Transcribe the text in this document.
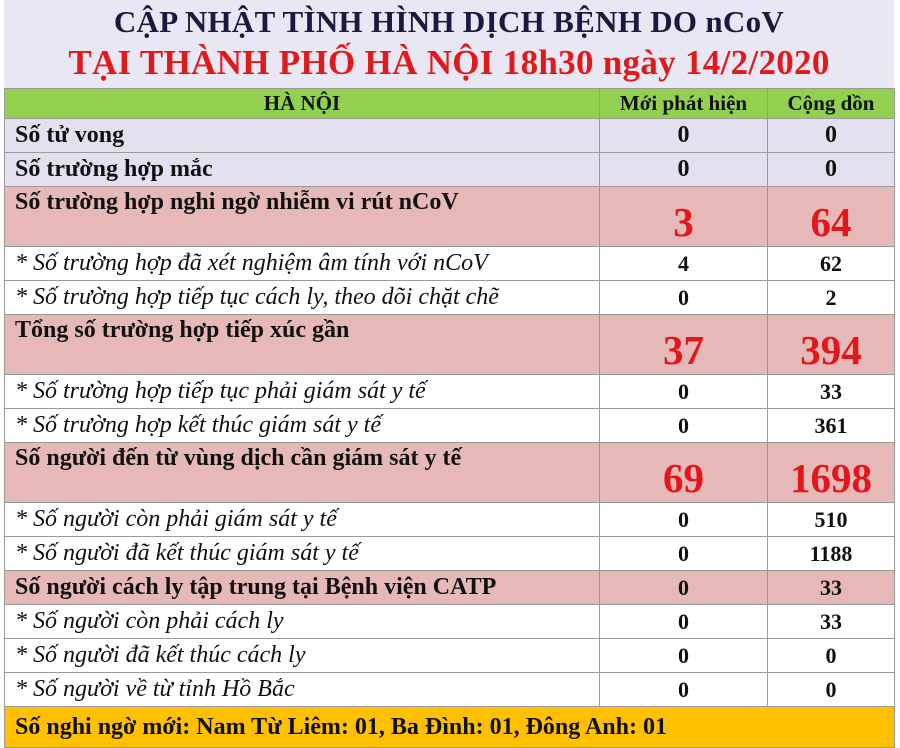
CẬP NHẬT TÌNH HÌNH DỊCH BỆNH DO nCoV
TẠI THÀNH PHỐ HÀ NỘI 18h30 ngày 14/2/2020
HÀ NỘI	Mới phát hiện	Cộng dồn
Số tử vong	0	0
Số trường hợp mắc	0	0
Số trường hợp nghi ngờ nhiễm vi rút nCoV	3	64
* Số trường hợp đã xét nghiệm âm tính với nCoV	4	62
* Số trường hợp tiếp tục cách ly, theo dõi chặt chẽ	0	2
Tổng số trường hợp tiếp xúc gần	37	394
* Số trường hợp tiếp tục phải giám sát y tế	0	33
* Số trường hợp kết thúc giám sát y tế	0	361
Số người đến từ vùng dịch cần giám sát y tế	69	1698
* Số người còn phải giám sát y tế	0	510
* Số người đã kết thúc giám sát y tế	0	1188
Số người cách ly tập trung tại Bệnh viện CATP	0	33
* Số người còn phải cách ly	0	33
* Số người đã kết thúc cách ly	0	0
* Số người về từ tỉnh Hồ Bắc	0	0
Số nghi ngờ mới: Nam Từ Liêm: 01, Ba Đình: 01, Đông Anh: 01		
